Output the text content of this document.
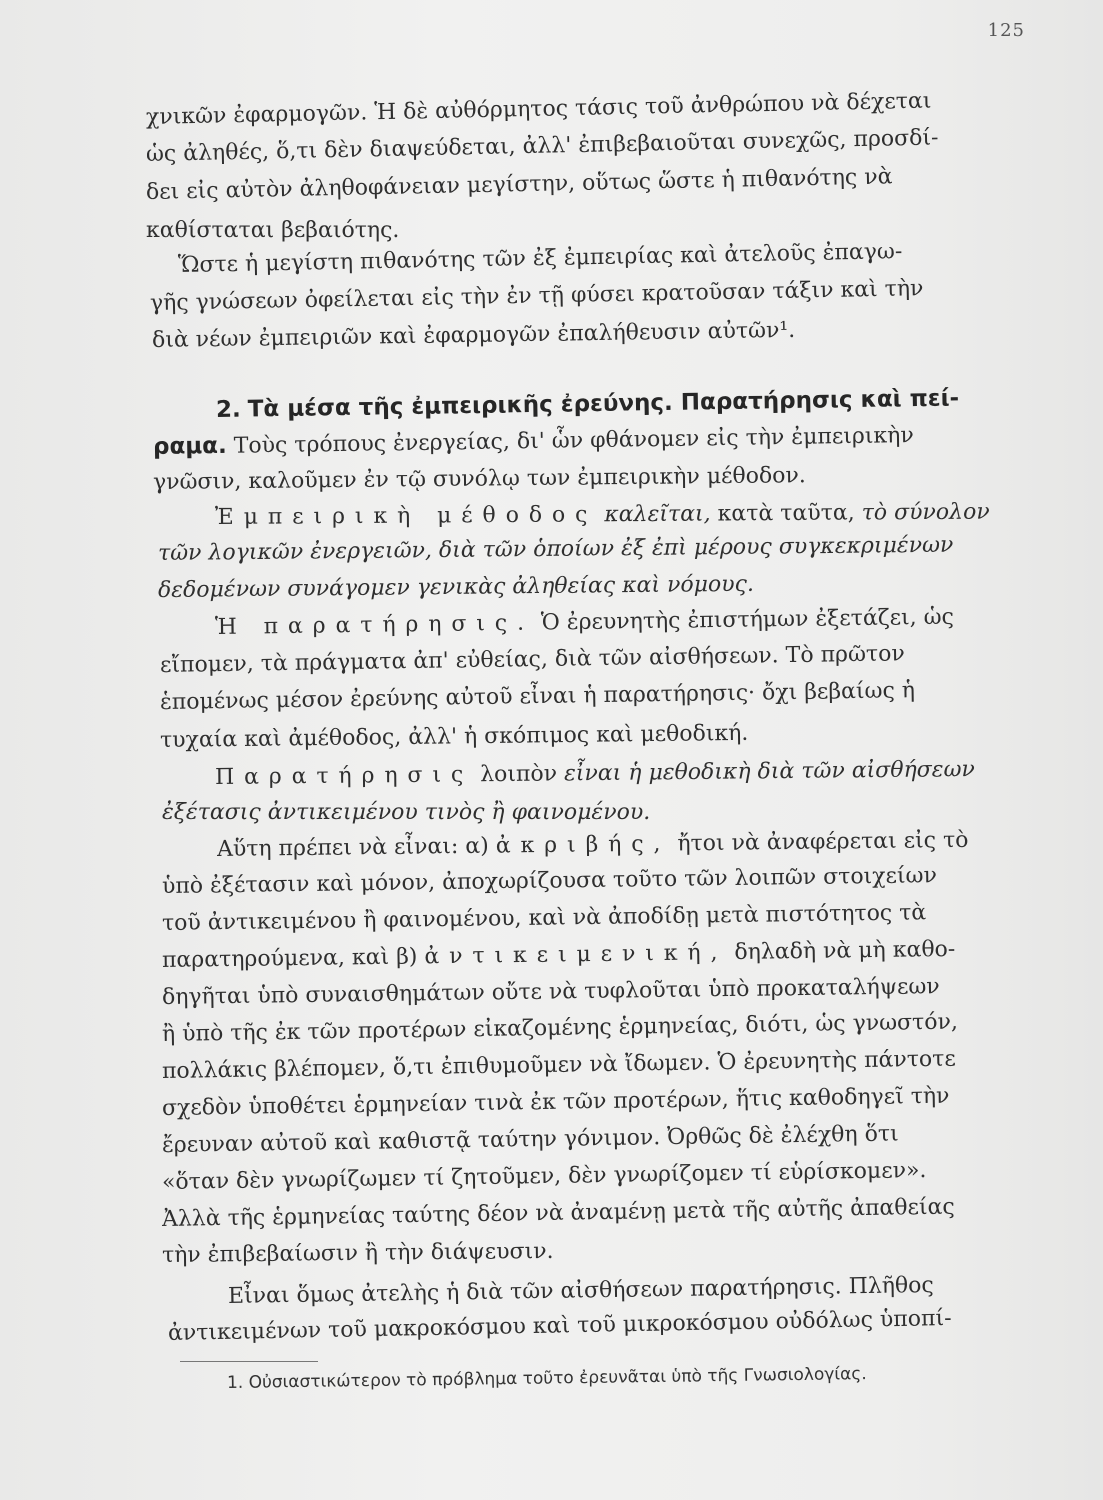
125
χνικῶν ἐφαρμογῶν. Ἡ δὲ αὐθόρμητος τάσις τοῦ ἀνθρώπου νὰ δέχεται
ὡς ἀληθές, ὅ,τι δὲν διαψεύδεται, ἀλλ' ἐπιβεβαιοῦται συνεχῶς, προσδί-
δει εἰς αὐτὸν ἀληθοφάνειαν μεγίστην, οὕτως ὥστε ἡ πιθανότης νὰ
καθίσταται βεβαιότης.
Ὥστε ἡ μεγίστη πιθανότης τῶν ἐξ ἐμπειρίας καὶ ἀτελοῦς ἐπαγω-
γῆς γνώσεων ὀφείλεται εἰς τὴν ἐν τῇ φύσει κρατοῦσαν τάξιν καὶ τὴν
διὰ νέων ἐμπειριῶν καὶ ἐφαρμογῶν ἐπαλήθευσιν αὐτῶν¹.
2. Τὰ μέσα τῆς ἐμπειρικῆς ἐρεύνης. Παρατήρησις καὶ πεί-
ραμα. Τοὺς τρόπους ἐνεργείας, δι' ὧν φθάνομεν εἰς τὴν ἐμπειρικὴν
γνῶσιν, καλοῦμεν ἐν τῷ συνόλῳ των ἐμπειρικὴν μέθοδον.
Ἐμπειρικὴ μέθοδος καλεῖται, κατὰ ταῦτα, τὸ σύνολον
τῶν λογικῶν ἐνεργειῶν, διὰ τῶν ὁποίων ἐξ ἐπὶ μέρους συγκεκριμένων
δεδομένων συνάγομεν γενικὰς ἀληθείας καὶ νόμους.
Ἡ παρατήρησις. Ὁ ἐρευνητὴς ἐπιστήμων ἐξετάζει, ὡς
εἴπομεν, τὰ πράγματα ἀπ' εὐθείας, διὰ τῶν αἰσθήσεων. Τὸ πρῶτον
ἑπομένως μέσον ἐρεύνης αὐτοῦ εἶναι ἡ παρατήρησις· ὄχι βεβαίως ἡ
τυχαία καὶ ἀμέθοδος, ἀλλ' ἡ σκόπιμος καὶ μεθοδική.
Παρατήρησις λοιπὸν εἶναι ἡ μεθοδικὴ διὰ τῶν αἰσθήσεων
ἐξέτασις ἀντικειμένου τινὸς ἢ φαινομένου.
Αὕτη πρέπει νὰ εἶναι: α) ἀκριβής, ἤτοι νὰ ἀναφέρεται εἰς τὸ
ὑπὸ ἐξέτασιν καὶ μόνον, ἀποχωρίζουσα τοῦτο τῶν λοιπῶν στοιχείων
τοῦ ἀντικειμένου ἢ φαινομένου, καὶ νὰ ἀποδίδῃ μετὰ πιστότητος τὰ
παρατηρούμενα, καὶ β) ἀντικειμενική, δηλαδὴ νὰ μὴ καθο-
δηγῆται ὑπὸ συναισθημάτων οὔτε νὰ τυφλοῦται ὑπὸ προκαταλήψεων
ἢ ὑπὸ τῆς ἐκ τῶν προτέρων εἰκαζομένης ἑρμηνείας, διότι, ὡς γνωστόν,
πολλάκις βλέπομεν, ὅ,τι ἐπιθυμοῦμεν νὰ ἴδωμεν. Ὁ ἐρευνητὴς πάντοτε
σχεδὸν ὑποθέτει ἑρμηνείαν τινὰ ἐκ τῶν προτέρων, ἥτις καθοδηγεῖ τὴν
ἔρευναν αὐτοῦ καὶ καθιστᾷ ταύτην γόνιμον. Ὀρθῶς δὲ ἐλέχθη ὅτι
«ὅταν δὲν γνωρίζωμεν τί ζητοῦμεν, δὲν γνωρίζομεν τί εὑρίσκομεν».
Ἀλλὰ τῆς ἑρμηνείας ταύτης δέον νὰ ἀναμένῃ μετὰ τῆς αὐτῆς ἀπαθείας
τὴν ἐπιβεβαίωσιν ἢ τὴν διάψευσιν.
Εἶναι ὅμως ἀτελὴς ἡ διὰ τῶν αἰσθήσεων παρατήρησις. Πλῆθος
ἀντικειμένων τοῦ μακροκόσμου καὶ τοῦ μικροκόσμου οὐδόλως ὑποπί-
1. Οὐσιαστικώτερον τὸ πρόβλημα τοῦτο ἐρευνᾶται ὑπὸ τῆς Γνωσιολογίας.
